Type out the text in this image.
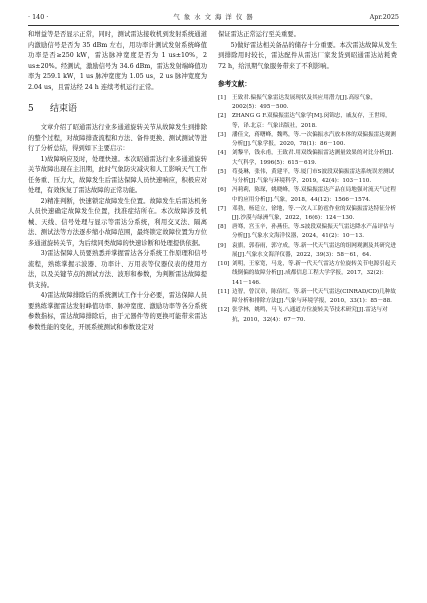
· 140 ·	气 象 水 文 海 洋 仪 器	Apr.2025

和增益等是否显示正常，同时，测试雷达接收机到发射系统通道内激励信号是否为 35 dBm 左右，用功率计测试发射系统峰值功率是否≥250 kW，雷达脉冲宽度是否为 1 us±10%，2 us±20%。经测试，激励信号为 34.6 dBm，雷达发射端峰值功率为 259.1 kW，1 us 脉冲宽度为 1.05 us，2 us 脉冲宽度为 2.04 us，且雷达经 24 h 连续考机运行正常。

5 结束语

文章介绍了昭通雷达行业多通道旋转关节从故障发生到排除的整个过程，对故障排查流程和方法、备件更换、测试测试等进行了分析总结，得到如下主要启示：

1)故障响应及时，处理快速。本次昭通雷达行业多通道旋转关节故障出现在主汛期，此时气象防灾减灾和人工影响天气工作任务重、压力大，故障发生后雷达保障人员快速响应，积极应对处理，有效恢复了雷达故障的正常功能。

2)精准判断，快速锁定故障发生位置。故障发生后雷达机务人员快速确定故障发生位置，找准症结所在。本次故障涉及机械、天线、信号处理与显示等雷达分系统，利用交叉法、隔离法、测试法等方法逐步缩小故障范围，最终锁定故障位置为方位多通道旋转关节，为后续同类故障的快速诊断和处理提供依据。

3)雷达保障人员要熟悉并掌握雷达各分系统工作原理和信号流程，熟练掌握示波器、功率计、万用表等仪器仪表的使用方法，以及关键节点的测试方法、波形和参数，为判断雷达故障提供支持。

4)雷达故障排除后的系统测试工作十分必要，雷达保障人员要熟练掌握雷达发射峰值功率、脉冲宽度、激励功率等各分系统参数指标，雷达故障排除后，由于元器件等的更换可能带来雷达参数性能的变化，开展系统测试和参数设定对

保证雷达正常运行至关重要。

5)做好雷达相关备品的储存十分重要。本次雷达故障从发生到排除用时较长，雷达配件从雷达厂家发货到昭通雷达站耗费 72 h，给汛期气象服务带来了不利影响。

参考文献：
[1]	王致君.偏振气象雷达发展现状及其应用潜力[J].高原气象，2002(5)：495－500.
[2]	ZHANG G F.双偏振雷达气象学[M].闵锦忠，戚友存，王世璋，等，译.北京：气象出版社，2018.
[3]	潘佳文，蒋曙峰，魏鸣，等.一次偏振水汽放本体的双偏振雷达观测分析[J].气象学报，2020，78(1)：86－100.
[4]	刘黎平，钱永甫，王致君.用双线偏振雷达测量效果的对比分析[J].大气科学，1996(5)：615－619.
[5]	苟曼琳，张伟，黄建平，等.厦门市S波段双偏振雷达系统误差测试与分析[J].气象与环境科学，2019，42(4)：103－110.
[6]	冯莉莉，陈琛，姚晓峰，等.双偏振雷达产品在局地强对流天气过程中的应用分析[J].气象，2018，44(12)：1566－1574.
[7]	邓勃，杨廷立，徐地，等.一次人工防雹作业的双偏振雷达特征分析[J].沙漠与绿洲气象，2022，16(6)：124－130.
[8]	唐骞，宫玉辛，孙燕佳，等.S波段双偏振天气雷达降水产品评估与分析[J].气象水文海洋仪器，2024，41(2)：10－13.
[9]	袁旗，郭春雨，郭守成，等.新一代天气雷达的组网观测及其研究进展[J].气象水文海洋仪器，2022，39(3)：58－61，64.
[10] 刘明，王家宽，马龙，等.新一代天气雷达方位旋转关节电源引起天线倒偏的故障分析[J].成都信息工程大学学报，2017，32(2)：141－146.
[11] 边智，曾汉章，陈佰红，等.新一代天气雷达(CINRAD/CD)几种故障分析和排除方法[J].气象与环境学报，2010，33(1)：85－88.
[12] 张学林，姚鸣，马飞.八通道方位旋转关节技术研究[J].雷达与对抗，2010，32(4)：67－70.
